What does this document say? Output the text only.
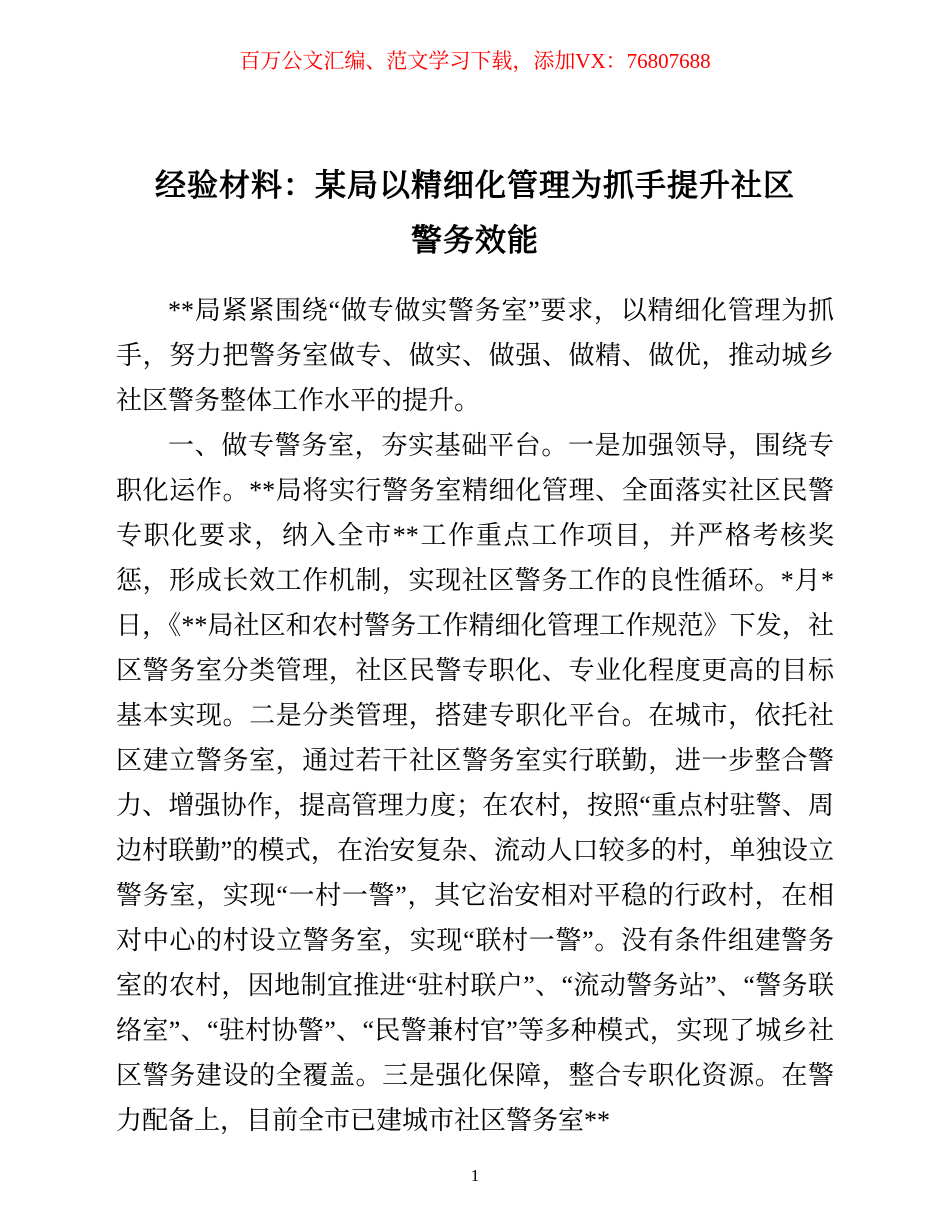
百万公文汇编、范文学习下载，添加VX：76807688
经验材料：某局以精细化管理为抓手提升社区
警务效能

**局紧紧围绕“做专做实警务室”要求，以精细化管理为抓手，努力把警务室做专、做实、做强、做精、做优，推动城乡社区警务整体工作水平的提升。

一、做专警务室，夯实基础平台。一是加强领导，围绕专职化运作。**局将实行警务室精细化管理、全面落实社区民警专职化要求，纳入全市**工作重点工作项目，并严格考核奖惩，形成长效工作机制，实现社区警务工作的良性循环。*月*日，《**局社区和农村警务工作精细化管理工作规范》下发，社区警务室分类管理，社区民警专职化、专业化程度更高的目标基本实现。二是分类管理，搭建专职化平台。在城市，依托社区建立警务室，通过若干社区警务室实行联勤，进一步整合警力、增强协作，提高管理力度；在农村，按照“重点村驻警、周边村联勤”的模式，在治安复杂、流动人口较多的村，单独设立警务室，实现“一村一警”，其它治安相对平稳的行政村，在相对中心的村设立警务室，实现“联村一警”。没有条件组建警务室的农村，因地制宜推进“驻村联户”、“流动警务站”、“警务联络室”、“驻村协警”、“民警兼村官”等多种模式，实现了城乡社区警务建设的全覆盖。三是强化保障，整合专职化资源。在警力配备上，目前全市已建城市社区警务室**

1
